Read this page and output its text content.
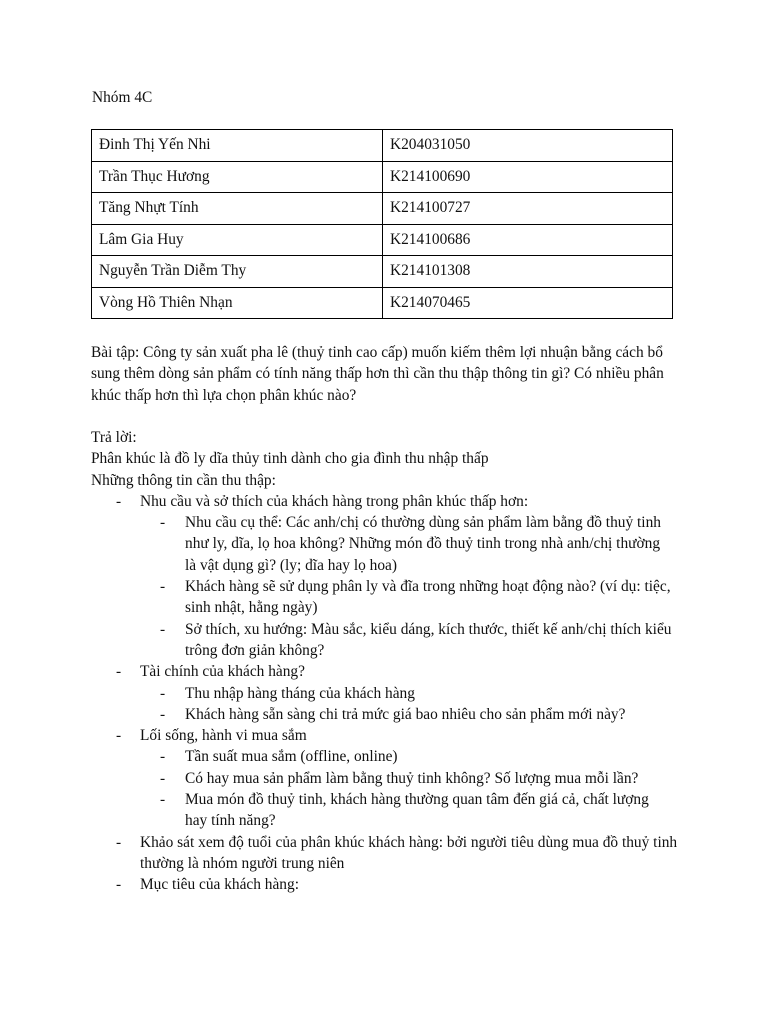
Nhóm 4C
Đinh Thị Yến Nhi	K204031050
Trần Thục Hương	K214100690
Tăng Nhựt Tính	K214100727
Lâm Gia Huy	K214100686
Nguyễn Trần Diễm Thy	K214101308
Vòng Hồ Thiên Nhạn	K214070465
Bài tập: Công ty sản xuất pha lê (thuỷ tinh cao cấp) muốn kiếm thêm lợi nhuận bằng cách bổ sung thêm dòng sản phẩm có tính năng thấp hơn thì cần thu thập thông tin gì? Có nhiều phân khúc thấp hơn thì lựa chọn phân khúc nào?

Trả lời:

Phân khúc là đồ ly dĩa thủy tinh dành cho gia đình thu nhập thấp

Những thông tin cần thu thập:

- Nhu cầu và sở thích của khách hàng trong phân khúc thấp hơn:
- Nhu cầu cụ thể: Các anh/chị có thường dùng sản phẩm làm bằng đồ thuỷ tinh như ly, dĩa, lọ hoa không? Những món đồ thuỷ tinh trong nhà anh/chị thường là vật dụng gì? (ly; dĩa hay lọ hoa)
- Khách hàng sẽ sử dụng phân ly và đĩa trong những hoạt động nào? (ví dụ: tiệc, sinh nhật, hằng ngày)
- Sở thích, xu hướng: Màu sắc, kiểu dáng, kích thước, thiết kế anh/chị thích kiểu trông đơn giản không?
- Tài chính của khách hàng?
- Thu nhập hàng tháng của khách hàng
- Khách hàng sẵn sàng chi trả mức giá bao nhiêu cho sản phẩm mới này?
- Lối sống, hành vi mua sắm
- Tần suất mua sắm (offline, online)
- Có hay mua sản phẩm làm bằng thuỷ tinh không? Số lượng mua mỗi lần?
- Mua món đồ thuỷ tinh, khách hàng thường quan tâm đến giá cả, chất lượng hay tính năng?
- Khảo sát xem độ tuổi của phân khúc khách hàng: bởi người tiêu dùng mua đồ thuỷ tinh thường là nhóm người trung niên
- Mục tiêu của khách hàng:
